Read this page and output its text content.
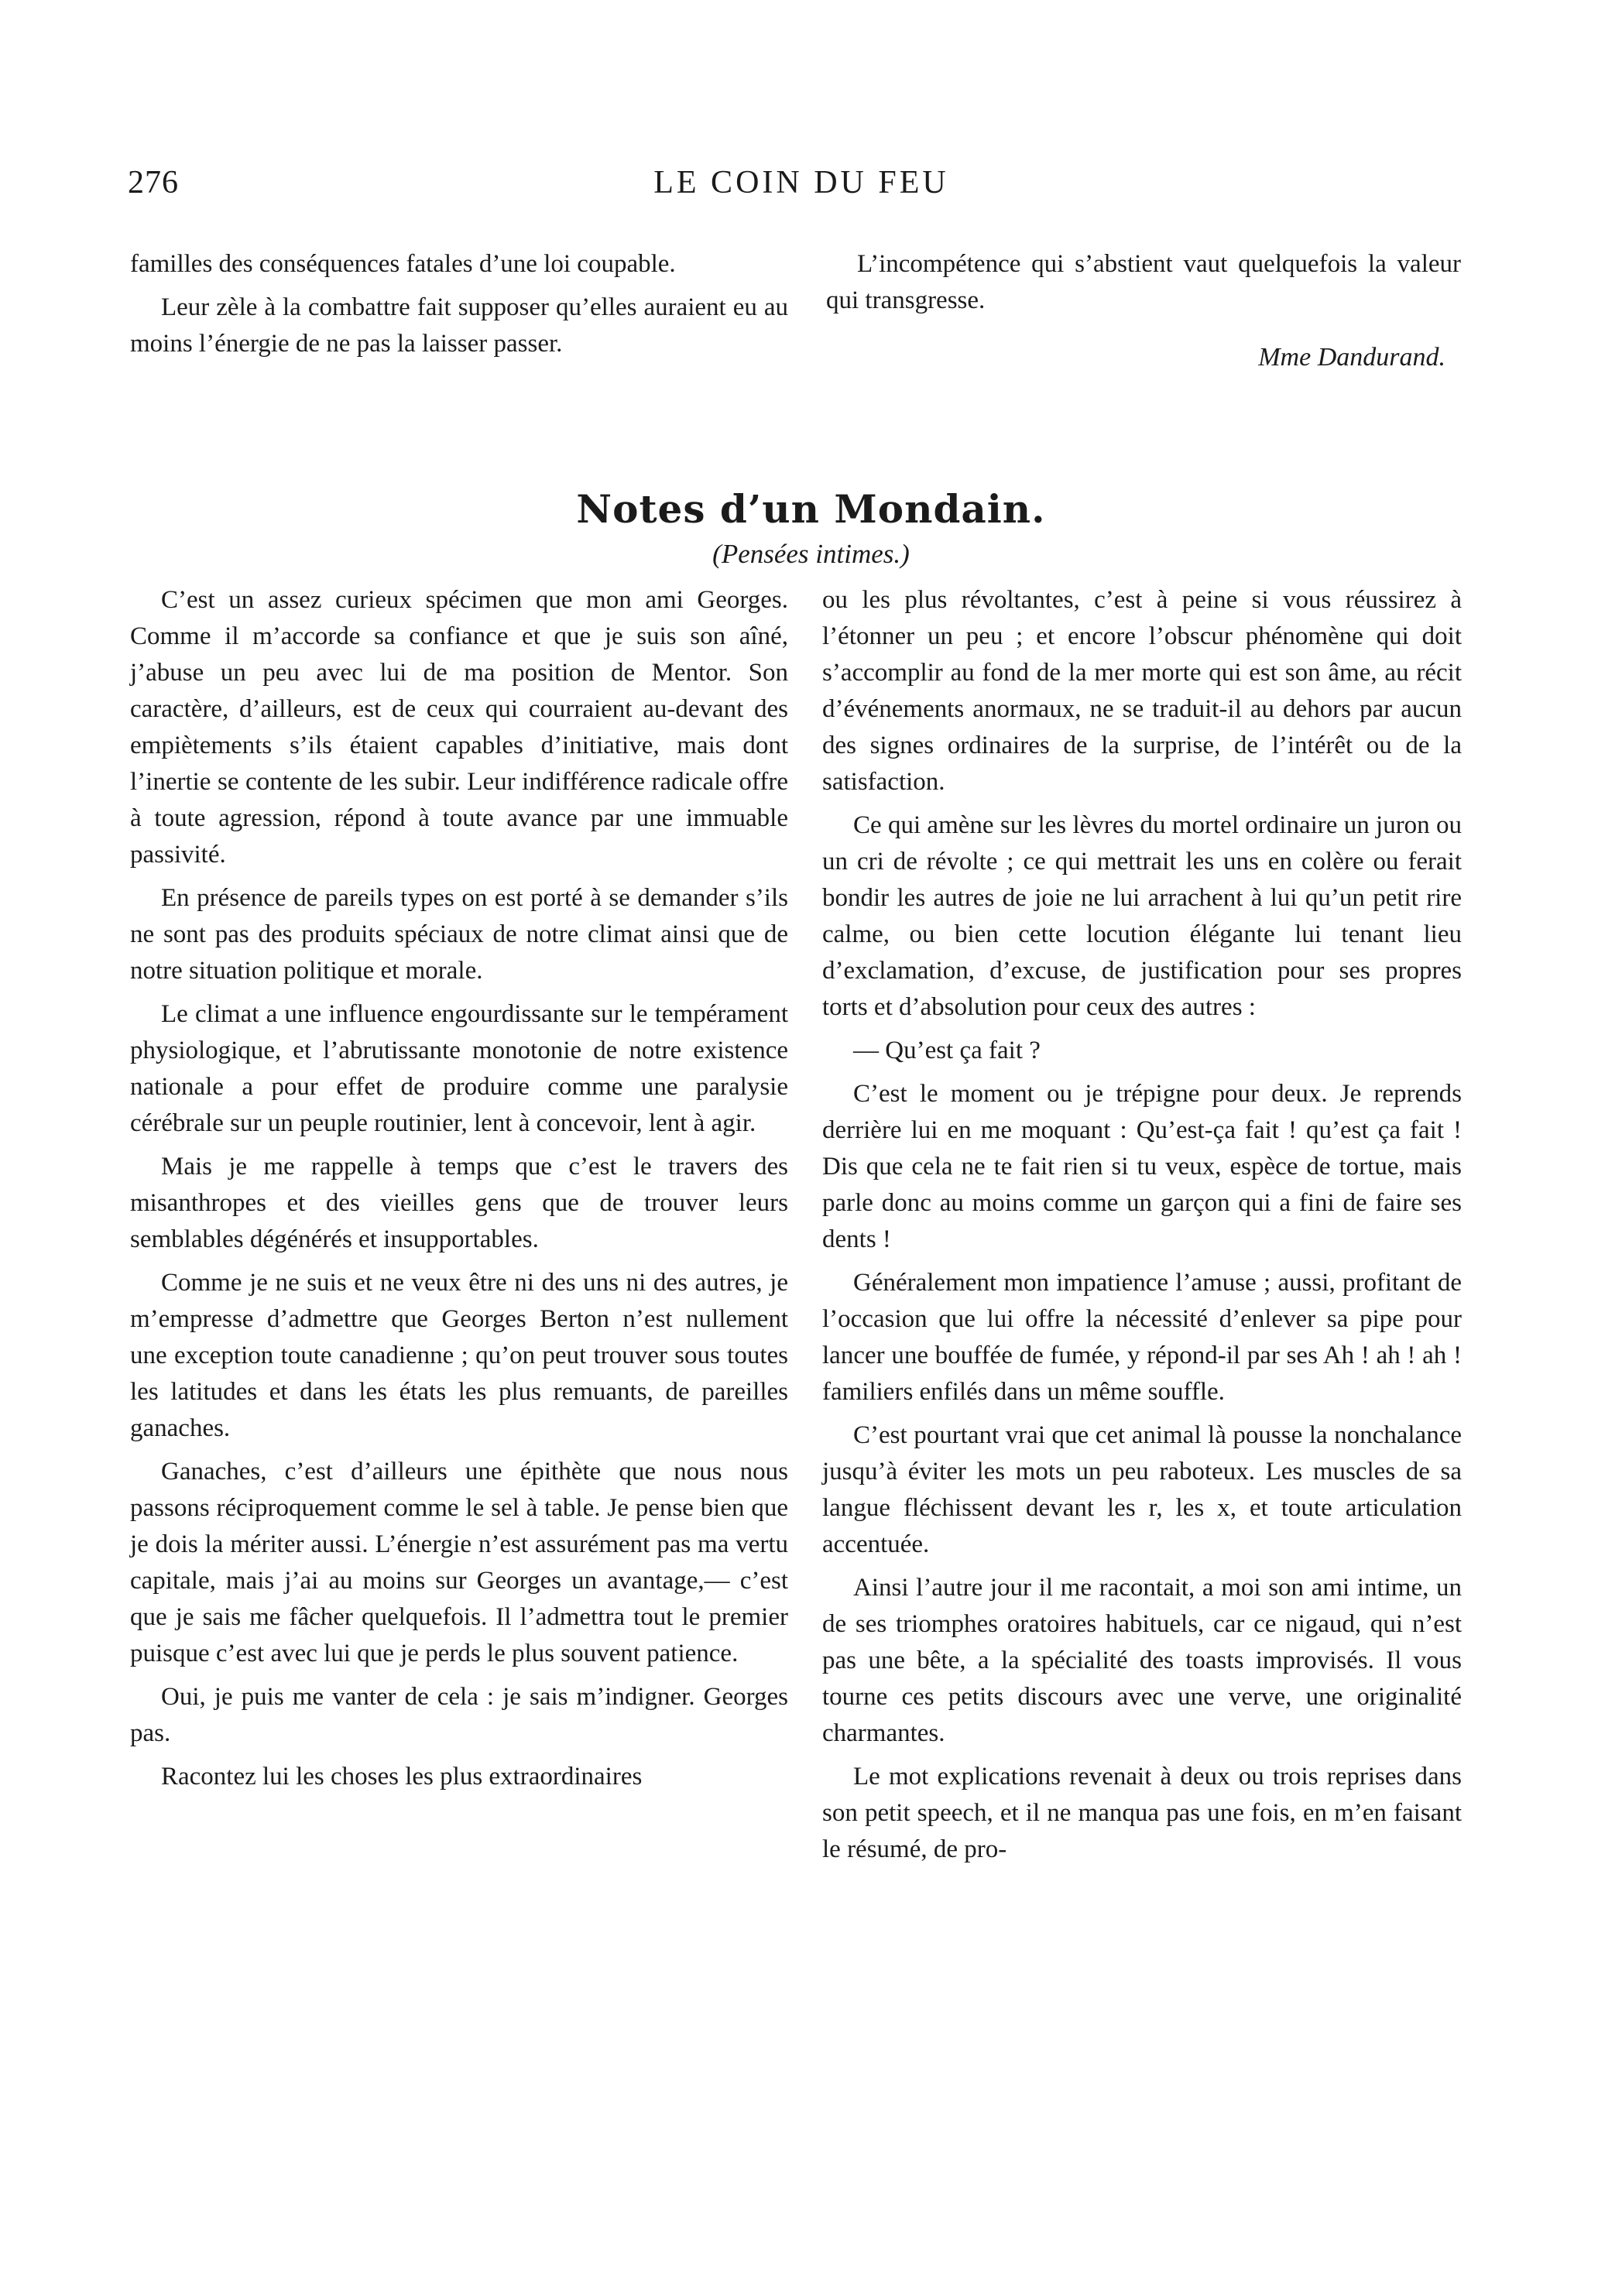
276	LE COIN DU FEU

familles des conséquences fatales d’une loi coupable.

Leur zèle à la combattre fait supposer qu’elles auraient eu au moins l’énergie de ne pas la laisser passer.

L’incompétence qui s’abstient vaut quelquefois la valeur qui transgresse.

Mme Dandurand.
Notes d’un Mondain.
(Pensées intimes.)

C’est un assez curieux spécimen que mon ami Georges. Comme il m’accorde sa confiance et que je suis son aîné, j’abuse un peu avec lui de ma position de Mentor. Son caractère, d’ailleurs, est de ceux qui courraient au-devant des empiètements s’ils étaient capables d’initiative, mais dont l’inertie se contente de les subir. Leur indifférence radicale offre à toute agression, répond à toute avance par une immuable passivité.

En présence de pareils types on est porté à se demander s’ils ne sont pas des produits spéciaux de notre climat ainsi que de notre situation politique et morale.

Le climat a une influence engourdissante sur le tempérament physiologique, et l’abrutissante monotonie de notre existence nationale a pour effet de produire comme une paralysie cérébrale sur un peuple routinier, lent à concevoir, lent à agir.

Mais je me rappelle à temps que c’est le travers des misanthropes et des vieilles gens que de trouver leurs semblables dégénérés et insupportables.

Comme je ne suis et ne veux être ni des uns ni des autres, je m’empresse d’admettre que Georges Berton n’est nullement une exception toute canadienne ; qu’on peut trouver sous toutes les latitudes et dans les états les plus remuants, de pareilles ganaches.

Ganaches, c’est d’ailleurs une épithète que nous nous passons réciproquement comme le sel à table. Je pense bien que je dois la mériter aussi. L’énergie n’est assurément pas ma vertu capitale, mais j’ai au moins sur Georges un avantage,— c’est que je sais me fâcher quelquefois. Il l’admettra tout le premier puisque c’est avec lui que je perds le plus souvent patience.

Oui, je puis me vanter de cela : je sais m’indigner. Georges pas.

Racontez lui les choses les plus extraordinaires

ou les plus révoltantes, c’est à peine si vous réussirez à l’étonner un peu ; et encore l’obscur phénomène qui doit s’accomplir au fond de la mer morte qui est son âme, au récit d’événements anormaux, ne se traduit-il au dehors par aucun des signes ordinaires de la surprise, de l’intérêt ou de la satisfaction.

Ce qui amène sur les lèvres du mortel ordinaire un juron ou un cri de révolte ; ce qui mettrait les uns en colère ou ferait bondir les autres de joie ne lui arrachent à lui qu’un petit rire calme, ou bien cette locution élégante lui tenant lieu d’exclamation, d’excuse, de justification pour ses propres torts et d’absolution pour ceux des autres :

— Qu’est ça fait ?

C’est le moment ou je trépigne pour deux. Je reprends derrière lui en me moquant : Qu’est-ça fait ! qu’est ça fait ! Dis que cela ne te fait rien si tu veux, espèce de tortue, mais parle donc au moins comme un garçon qui a fini de faire ses dents !

Généralement mon impatience l’amuse ; aussi, profitant de l’occasion que lui offre la nécessité d’enlever sa pipe pour lancer une bouffée de fumée, y répond-il par ses Ah ! ah ! ah ! familiers enfilés dans un même souffle.

C’est pourtant vrai que cet animal là pousse la nonchalance jusqu’à éviter les mots un peu raboteux. Les muscles de sa langue fléchissent devant les r, les x, et toute articulation accentuée.

Ainsi l’autre jour il me racontait, a moi son ami intime, un de ses triomphes oratoires habituels, car ce nigaud, qui n’est pas une bête, a la spécialité des toasts improvisés. Il vous tourne ces petits discours avec une verve, une originalité charmantes.

Le mot explications revenait à deux ou trois reprises dans son petit speech, et il ne manqua pas une fois, en m’en faisant le résumé, de pro-
